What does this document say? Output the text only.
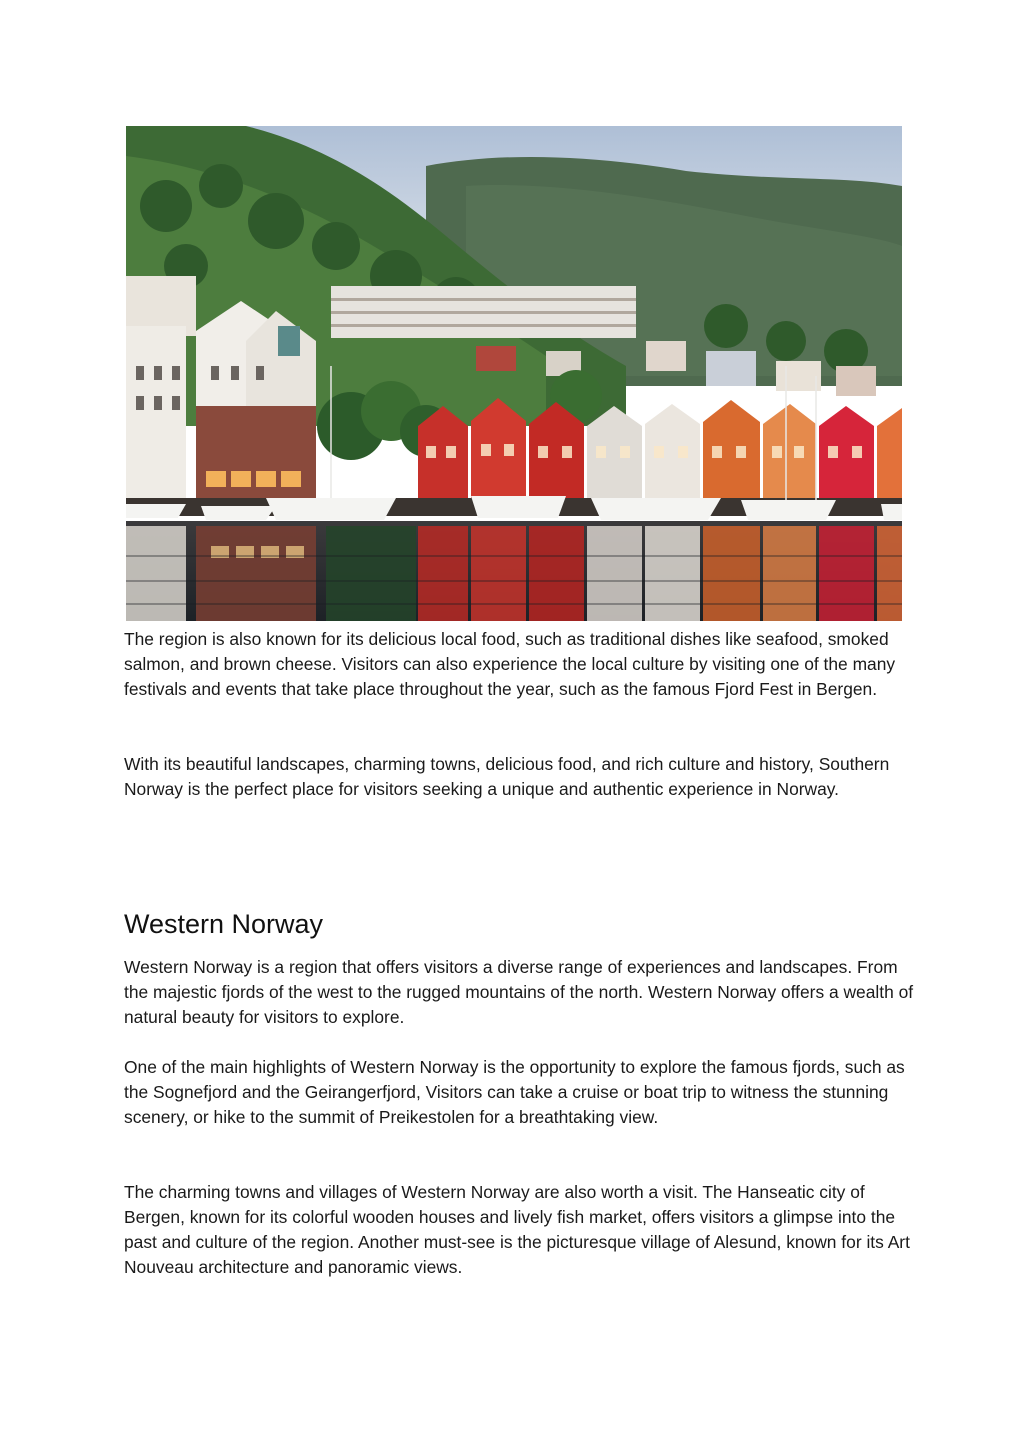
The region is also known for its delicious local food, such as traditional dishes like seafood, smoked salmon, and brown cheese. Visitors can also experience the local culture by visiting one of the many festivals and events that take place throughout the year, such as the famous Fjord Fest in Bergen.

With its beautiful landscapes, charming towns, delicious food, and rich culture and history, Southern Norway is the perfect place for visitors seeking a unique and authentic experience in Norway.

Western Norway

Western Norway is a region that offers visitors a diverse range of experiences and landscapes. From the majestic fjords of the west to the rugged mountains of the north. Western Norway offers a wealth of natural beauty for visitors to explore.

One of the main highlights of Western Norway is the opportunity to explore the famous fjords, such as the Sognefjord and the Geirangerfjord, Visitors can take a cruise or boat trip to witness the stunning scenery, or hike to the summit of Preikestolen for a breathtaking view.

The charming towns and villages of Western Norway are also worth a visit. The Hanseatic city of Bergen, known for its colorful wooden houses and lively fish market, offers visitors a glimpse into the past and culture of the region. Another must-see is the picturesque village of Alesund, known for its Art Nouveau architecture and panoramic views.
